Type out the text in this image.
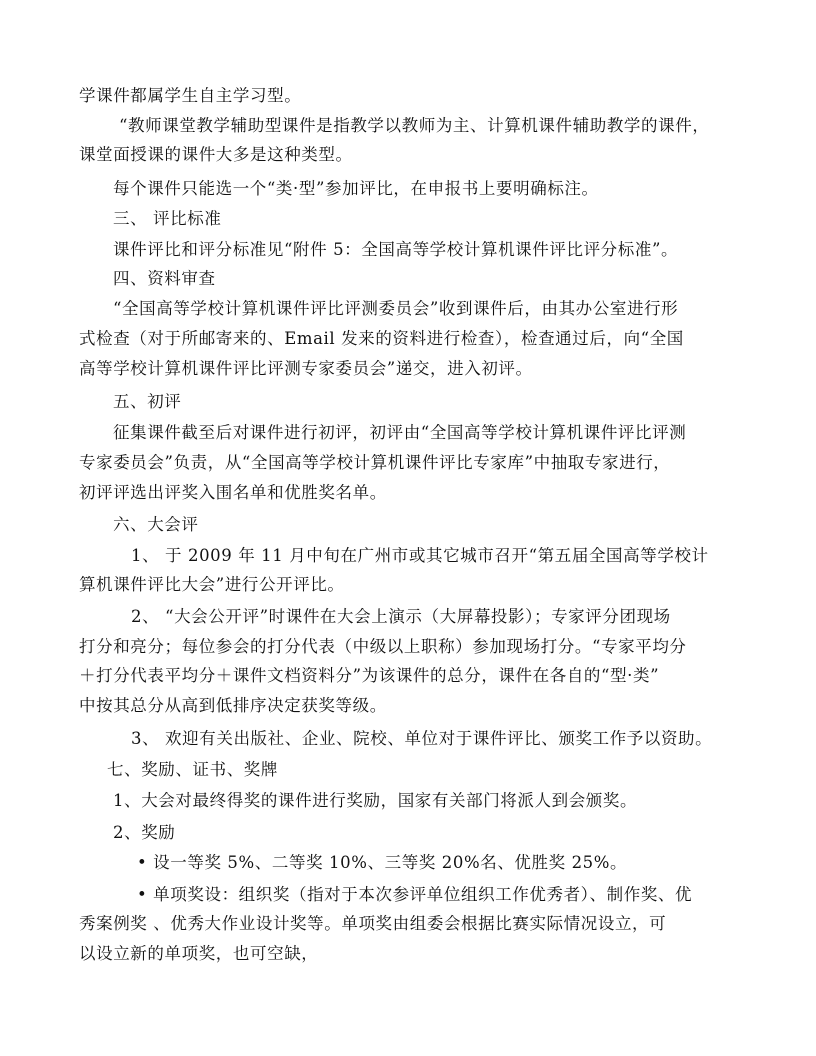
学课件都属学生自主学习型。
“教师课堂教学辅助型课件是指教学以教师为主、计算机课件辅助教学的课件，
课堂面授课的课件大多是这种类型。
每个课件只能选一个“类·型”参加评比，在申报书上要明确标注。
三、 评比标准
课件评比和评分标准见“附件 5：全国高等学校计算机课件评比评分标准”。
四、资料审查
“全国高等学校计算机课件评比评测委员会”收到课件后，由其办公室进行形
式检查（对于所邮寄来的、Email 发来的资料进行检查），检查通过后，向“全国
高等学校计算机课件评比评测专家委员会”递交，进入初评。
五、初评
征集课件截至后对课件进行初评，初评由“全国高等学校计算机课件评比评测
专家委员会”负责，从“全国高等学校计算机课件评比专家库”中抽取专家进行，
初评评选出评奖入围名单和优胜奖名单。
六、大会评
1、 于 2009 年 11 月中旬在广州市或其它城市召开“第五届全国高等学校计
算机课件评比大会”进行公开评比。
2、 “大会公开评”时课件在大会上演示（大屏幕投影）；专家评分团现场
打分和亮分；每位参会的打分代表（中级以上职称）参加现场打分。“专家平均分
＋打分代表平均分＋课件文档资料分”为该课件的总分，课件在各自的“型·类”
中按其总分从高到低排序决定获奖等级。
3、 欢迎有关出版社、企业、院校、单位对于课件评比、颁奖工作予以资助。
七、奖励、证书、奖牌
1、大会对最终得奖的课件进行奖励，国家有关部门将派人到会颁奖。
2、奖励
• 设一等奖 5%、二等奖 10%、三等奖 20%名、优胜奖 25%。
• 单项奖设：组织奖（指对于本次参评单位组织工作优秀者）、制作奖、优
秀案例奖 、优秀大作业设计奖等。单项奖由组委会根据比赛实际情况设立，可
以设立新的单项奖，也可空缺，
